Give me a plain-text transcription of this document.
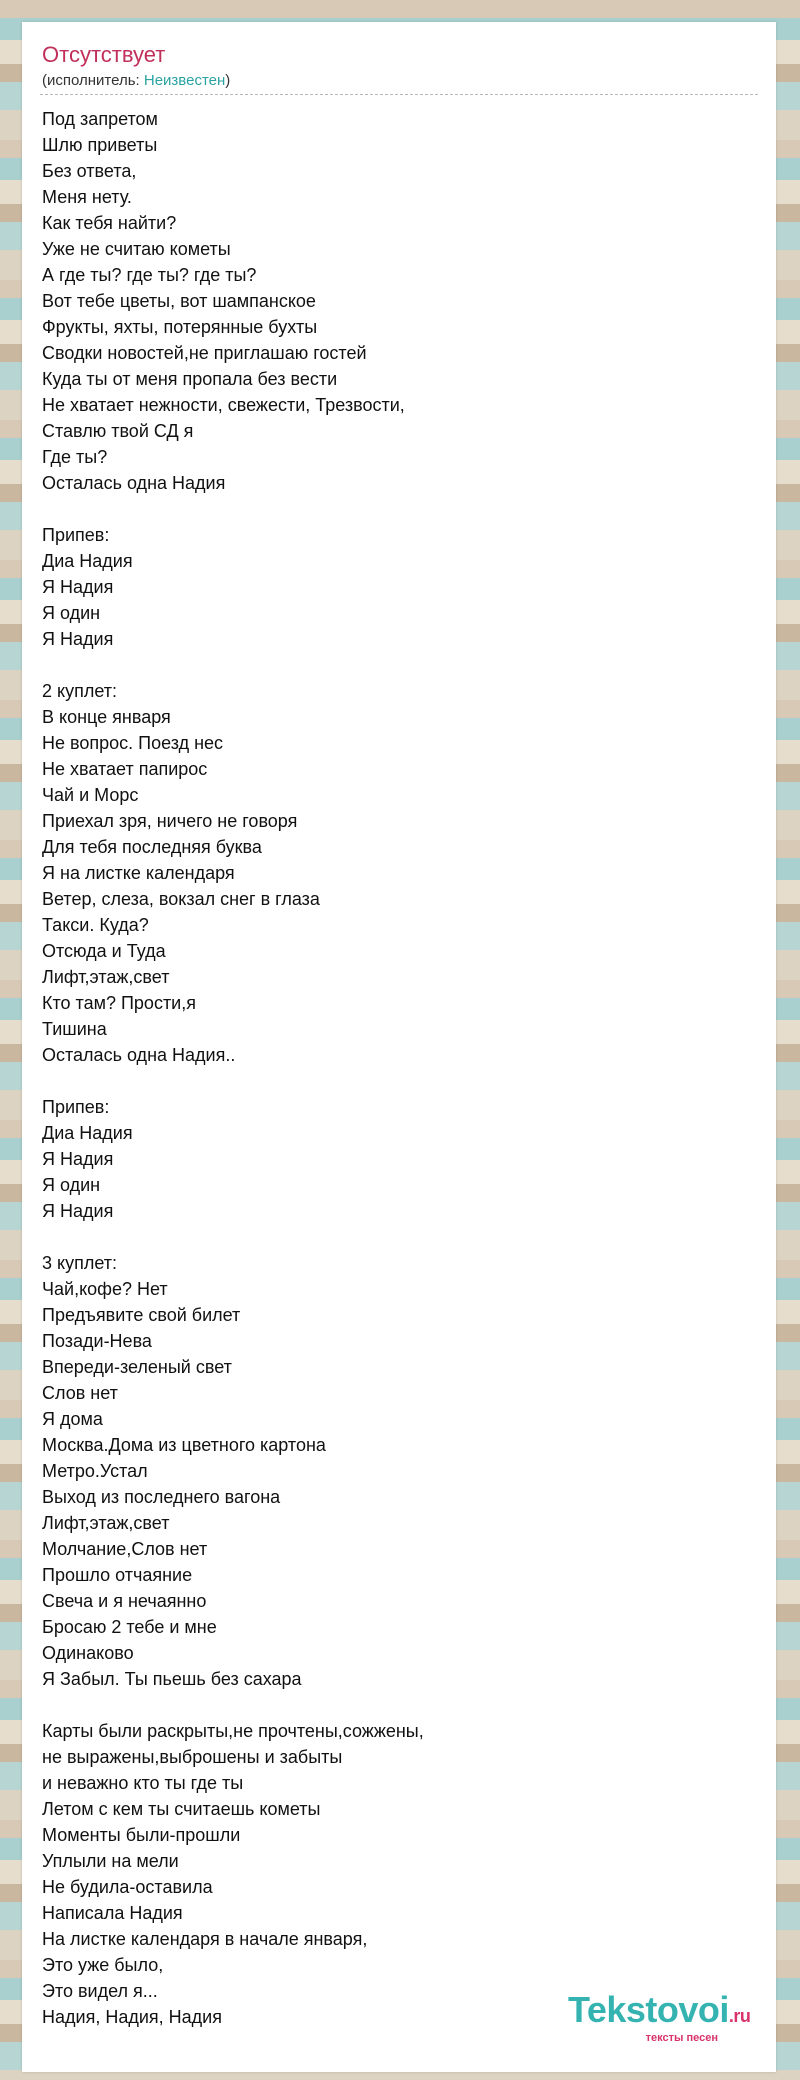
Отсутствует
(исполнитель: Неизвестен)
Под запретом
Шлю приветы
Без ответа,
Меня нету.
Как тебя найти?
Уже не считаю кометы
А где ты? где ты? где ты?
Вот тебе цветы, вот шампанское
Фрукты, яхты, потерянные бухты
Сводки новостей,не приглашаю гостей
Куда ты от меня пропала без вести
Не хватает нежности, свежести, Трезвости,
Ставлю твой СД я
Где ты?
Осталась одна Надия
Припев:
Диа Надия
Я Надия
Я один
Я Надия
2 куплет:
В конце января
Не вопрос. Поезд нес
Не хватает папирос
Чай и Морс
Приехал зря, ничего не говоря
Для тебя последняя буква
Я на листке календаря
Ветер, слеза, вокзал снег в глаза
Такси. Куда?
Отсюда и Туда
Лифт,этаж,свет
Кто там? Прости,я
Тишина
Осталась одна Надия..
Припев:
Диа Надия
Я Надия
Я один
Я Надия
3 куплет:
Чай,кофе? Нет
Предъявите свой билет
Позади-Нева
Впереди-зеленый свет
Слов нет
Я дома
Москва.Дома из цветного картона
Метро.Устал
Выход из последнего вагона
Лифт,этаж,свет
Молчание,Слов нет
Прошло отчаяние
Свеча и я нечаянно
Бросаю 2 тебе и мне
Одинаково
Я Забыл. Ты пьешь без сахара
Карты были раскрыты,не прочтены,сожжены,
не выражены,выброшены и забыты
и неважно кто ты где ты
Летом с кем ты считаешь кометы
Моменты были-прошли
Уплыли на мели
Не будила-оставила
Написала Надия
На листке календаря в начале января,
Это уже было,
Это видел я...
Надия, Надия, Надия	Tekstovoi.ru
тексты песен
